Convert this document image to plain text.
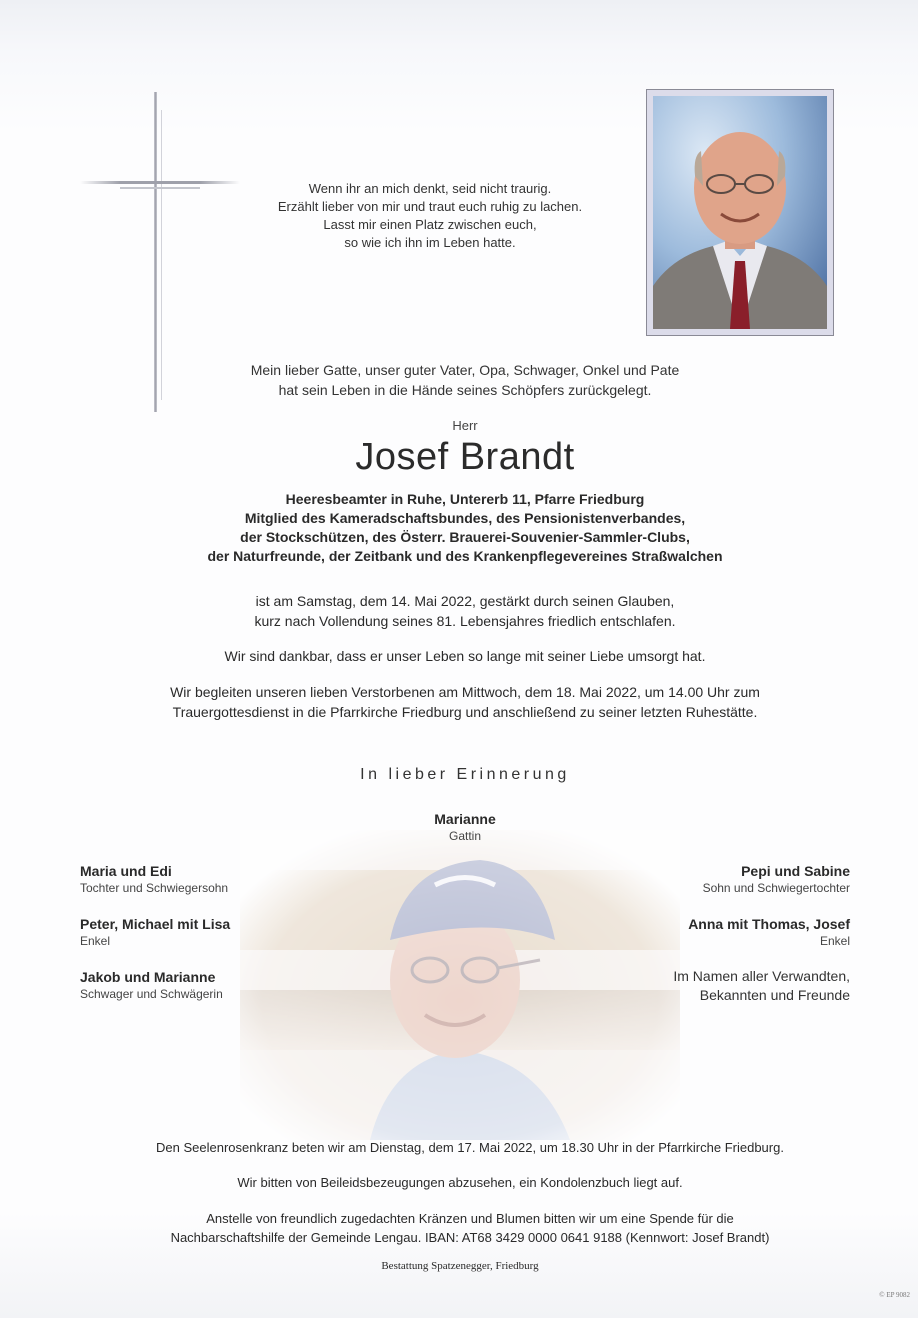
Wenn ihr an mich denkt, seid nicht traurig.
Erzählt lieber von mir und traut euch ruhig zu lachen.
Lasst mir einen Platz zwischen euch,
so wie ich ihn im Leben hatte.
Mein lieber Gatte, unser guter Vater, Opa, Schwager, Onkel und Pate
hat sein Leben in die Hände seines Schöpfers zurückgelegt.
Herr
Josef Brandt
Heeresbeamter in Ruhe, Untererb 11, Pfarre Friedburg
Mitglied des Kameradschaftsbundes, des Pensionistenverbandes,
der Stockschützen, des Österr. Brauerei-Souvenier-Sammler-Clubs,
der Naturfreunde, der Zeitbank und des Krankenpflegevereines Straßwalchen
ist am Samstag, dem 14. Mai 2022, gestärkt durch seinen Glauben,
kurz nach Vollendung seines 81. Lebensjahres friedlich entschlafen.
Wir sind dankbar, dass er unser Leben so lange mit seiner Liebe umsorgt hat.
Wir begleiten unseren lieben Verstorbenen am Mittwoch, dem 18. Mai 2022, um 14.00 Uhr zum
Trauergottesdienst in die Pfarrkirche Friedburg und anschließend zu seiner letzten Ruhestätte.
In lieber Erinnerung
Marianne
Gattin
Maria und Edi
Tochter und Schwiegersohn
Peter, Michael mit Lisa
Enkel
Jakob und Marianne
Schwager und Schwägerin
Pepi und Sabine
Sohn und Schwiegertochter
Anna mit Thomas, Josef
Enkel
Im Namen aller Verwandten,
Bekannten und Freunde
Den Seelenrosenkranz beten wir am Dienstag, dem 17. Mai 2022, um 18.30 Uhr in der Pfarrkirche Friedburg.
Wir bitten von Beileidsbezeugungen abzusehen, ein Kondolenzbuch liegt auf.
Anstelle von freundlich zugedachten Kränzen und Blumen bitten wir um eine Spende für die
Nachbarschaftshilfe der Gemeinde Lengau. IBAN: AT68 3429 0000 0641 9188 (Kennwort: Josef Brandt)
Bestattung Spatzenegger, Friedburg
© EP 9082
